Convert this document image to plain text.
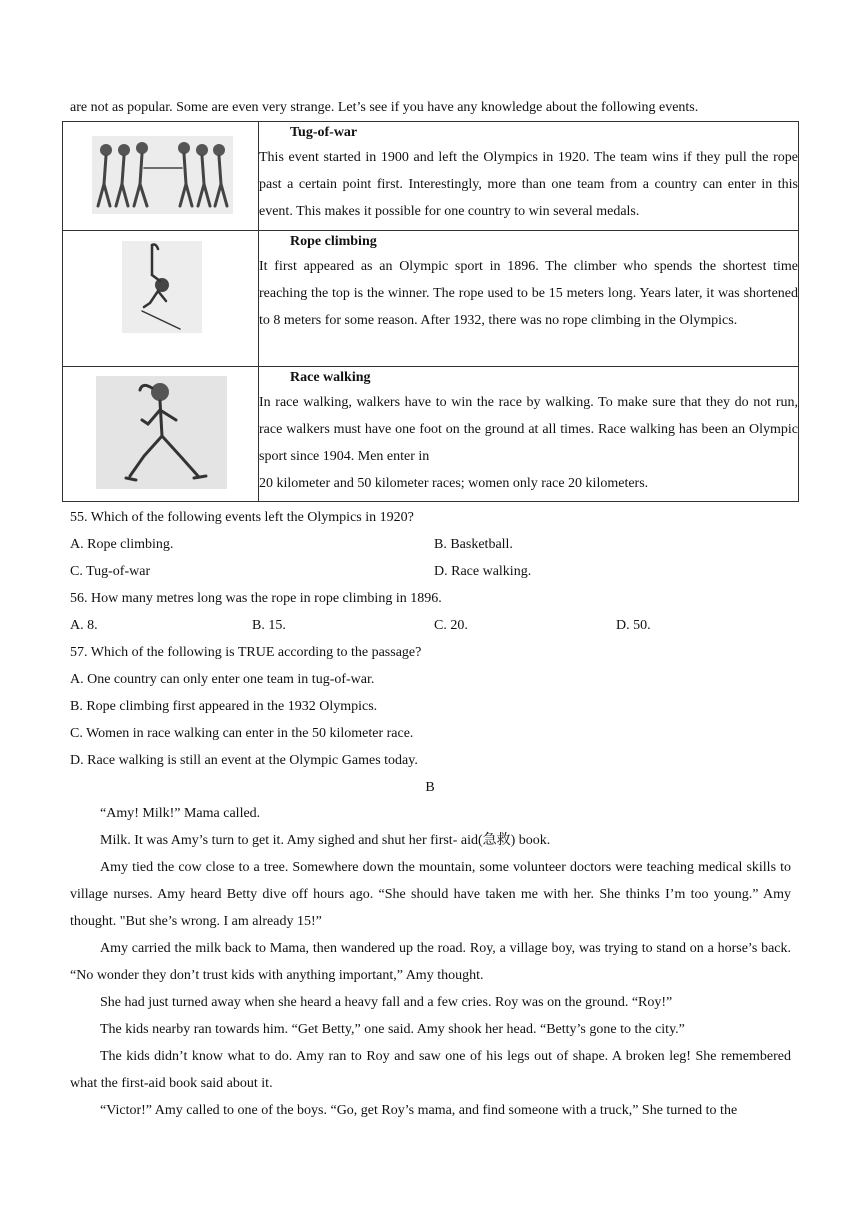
are not as popular. Some are even very strange. Let’s see if you have any knowledge about the following events.

Tug-of-war

This event started in 1900 and left the Olympics in 1920. The team wins if they pull the rope past a certain point first. Interestingly, more than one team from a country can enter in this event. This makes it possible for one country to win several medals.

Rope climbing

It first appeared as an Olympic sport in 1896. The climber who spends the shortest time reaching the top is the winner. The rope used to be 15 meters long. Years later, it was shortened to 8 meters for some reason. After 1932, there was no rope climbing in the Olympics.

Race walking

In race walking, walkers have to win the race by walking. To make sure that they do not run, race walkers must have one foot on the ground at all times. Race walking has been an Olympic sport since 1904. Men enter in

20 kilometer and 50 kilometer races; women only race 20 kilometers.

55. Which of the following events left the Olympics in 1920?
A. Rope climbing.	B. Basketball.
C. Tug-of-war	D. Race walking.
56. How many metres long was the rope in rope climbing in 1896.
A. 8.	B. 15.	C. 20.	D. 50.
57. Which of the following is TRUE according to the passage?
A. One country can only enter one team in tug-of-war.
B. Rope climbing first appeared in the 1932 Olympics.
C. Women in race walking can enter in the 50 kilometer race.
D. Race walking is still an event at the Olympic Games today.
B
“Amy! Milk!” Mama called.
Milk. It was Amy’s turn to get it. Amy sighed and shut her first- aid(急救) book.
Amy tied the cow close to a tree. Somewhere down the mountain, some volunteer doctors were teaching medical skills to village nurses. Amy heard Betty dive off hours ago. “She should have taken me with her. She thinks I’m too young.” Amy thought. "But she’s wrong. I am already 15!”
Amy carried the milk back to Mama, then wandered up the road. Roy, a village boy, was trying to stand on a horse’s back. “No wonder they don’t trust kids with anything important,” Amy thought.
She had just turned away when she heard a heavy fall and a few cries. Roy was on the ground. “Roy!”
The kids nearby ran towards him. “Get Betty,” one said. Amy shook her head. “Betty’s gone to the city.”
The kids didn’t know what to do. Amy ran to Roy and saw one of his legs out of shape. A broken leg! She remembered what the first-aid book said about it.
“Victor!” Amy called to one of the boys. “Go, get Roy’s mama, and find someone with a truck,” She turned to the
